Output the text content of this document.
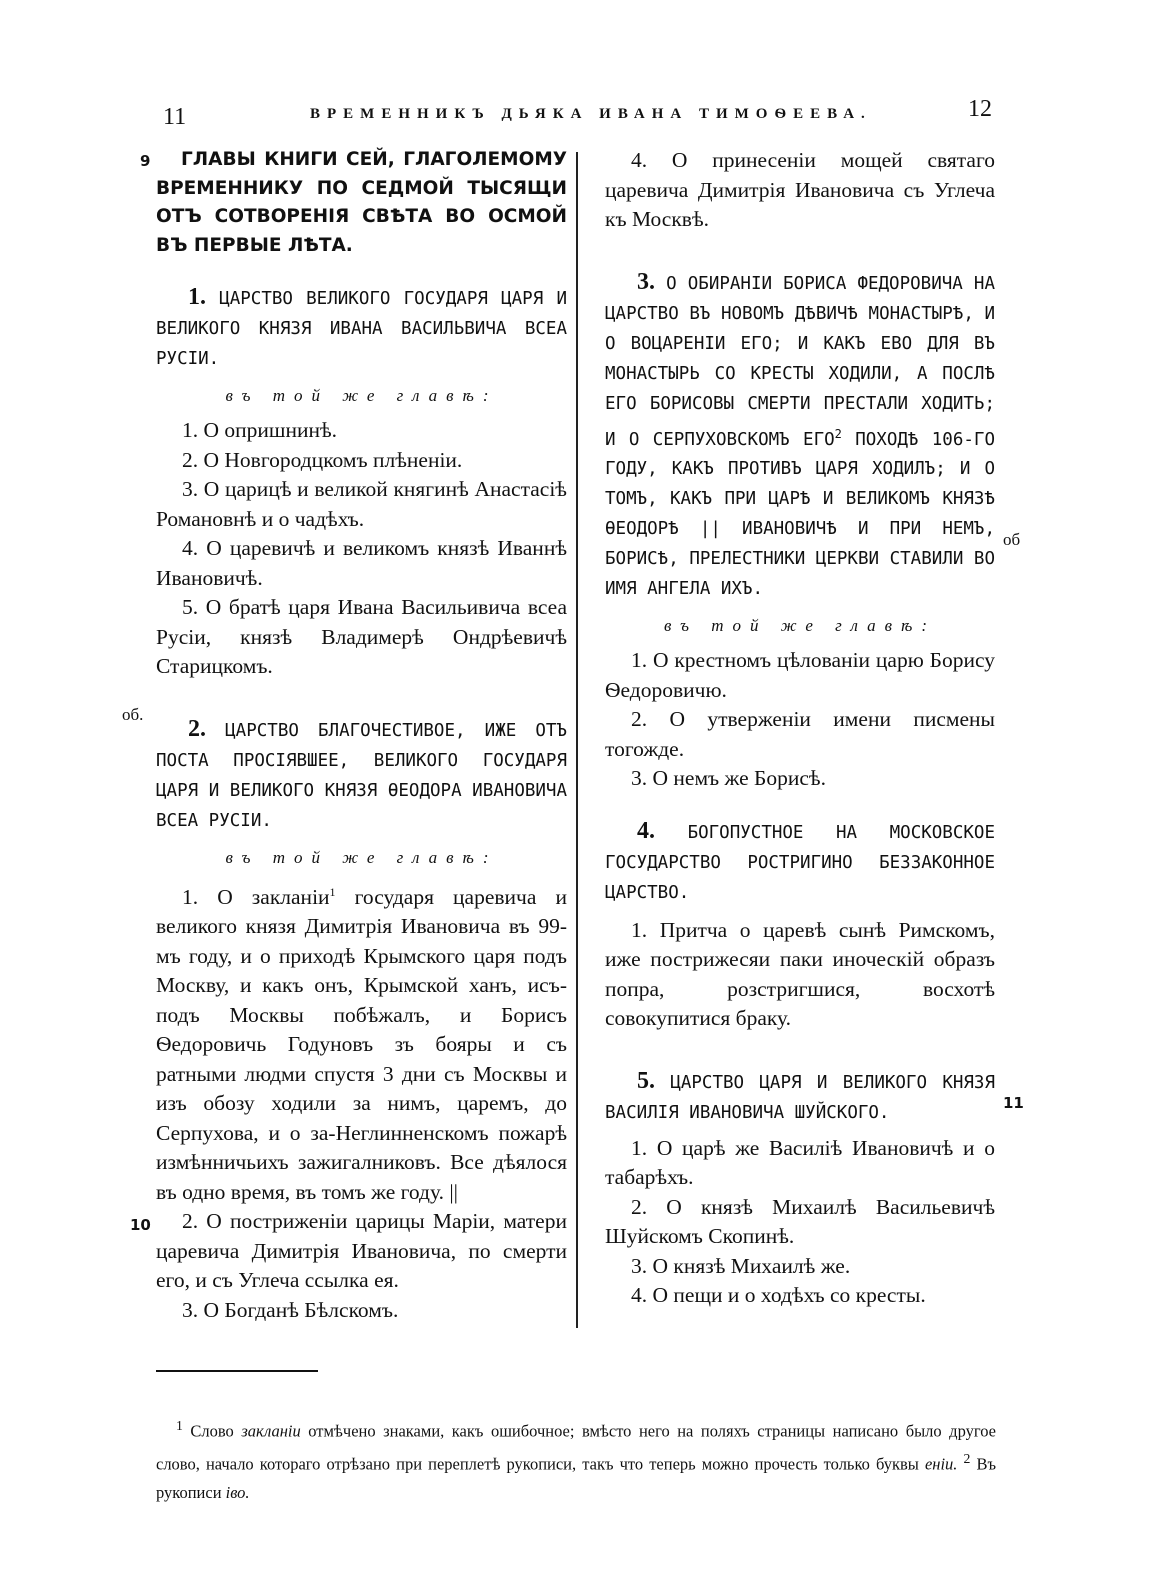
11	ВРЕМЕННИКЪ ДЬЯКА ИВАНА ТИМОѲЕЕВА.	12
9
об.
10
об
11

ГЛАВЫ КНИГИ СЕЙ, ГЛАГОЛЕМОМУ ВРЕМЕННИКУ ПО СЕДМОЙ ТЫСЯЩИ ОТЪ СОТВОРЕНІЯ СВѢТА ВО ОСМОЙ ВЪ ПЕРВЫЕ ЛѢТА.

1. ЦАРСТВО ВЕЛИКОГО ГОСУДАРЯ ЦАРЯ И ВЕЛИКОГО КНЯЗЯ ИВАНА ВАСИЛЬВИЧА ВСЕА РУСІИ.

въ той же главѣ:

1. О опришнинѣ.

2. О Новгородцкомъ плѣненіи.

3. О царицѣ и великой княгинѣ Анастасіѣ Романовнѣ и о чадѣхъ.

4. О царевичѣ и великомъ князѣ Иваннѣ Ивановичѣ.

5. О братѣ царя Ивана Васильивича всеа Русіи, князѣ Владимерѣ Ондрѣевичѣ Старицкомъ.

2. ЦАРСТВО БЛАГОЧЕСТИВОЕ, ИЖЕ ОТЪ ПОСТА ПРОСІЯВШЕЕ, ВЕЛИКОГО ГОСУДАРЯ ЦАРЯ И ВЕЛИКОГО КНЯЗЯ ѲЕОДОРА ИВАНОВИЧА ВСЕА РУСІИ.

въ той же главѣ:

1. О закланіи$^1$ государя царевича и великого князя Димитрія Ивановича въ 99-мъ году, и о приходѣ Крымского царя подъ Москву, и какъ онъ, Крымской ханъ, исъ-подъ Москвы побѣжалъ, и Борисъ Ѳедоровичь Годуновъ зъ бояры и съ ратными людми спустя 3 дни съ Москвы и изъ обозу ходили за нимъ, царемъ, до Серпухова, и о за-Неглинненскомъ пожарѣ измѣнничьихъ зажигалниковъ. Все дѣялося въ одно время, въ томъ же году. ||

2. О постриженіи царицы Маріи, матери царевича Димитрія Ивановича, по смерти его, и съ Углеча ссылка ея.

3. О Богданѣ Бѣлскомъ.

4. О принесеніи мощей святаго царевича Димитрія Ивановича съ Углеча къ Москвѣ.

3. О ОБИРАНІИ БОРИСА ФЕДОРОВИЧА НА ЦАРСТВО ВЪ НОВОМЪ ДѢВИЧѢ МОНАСТЫРѢ, И О ВОЦАРЕНІИ ЕГО; И КАКЪ ЕВО ДЛЯ ВЪ МОНАСТЫРЬ СО КРЕСТЫ ХОДИЛИ, А ПОСЛѢ ЕГО БОРИСОВЫ СМЕРТИ ПРЕСТАЛИ ХОДИТЬ; И О СЕРПУХОВСКОМЪ ЕГО$^2$ ПОХОДѢ 106-ГО ГОДУ, КАКЪ ПРОТИВЪ ЦАРЯ ХОДИЛЪ; И О ТОМЪ, КАКЪ ПРИ ЦАРѢ И ВЕЛИКОМЪ КНЯЗѢ ѲЕОДОРѢ || ИВАНОВИЧѢ И ПРИ НЕМЪ, БОРИСѢ, ПРЕЛЕСТНИКИ ЦЕРКВИ СТАВИЛИ ВО ИМЯ АНГЕЛА ИХЪ.

въ той же главѣ:

1. О крестномъ цѣлованіи царю Борису Ѳедоровичю.

2. О утверженіи имени писмены тогожде.

3. О немъ же Борисѣ.

4. БОГОПУСТНОЕ НА МОСКОВСКОЕ ГОСУДАРСТВО РОСТРИГИНО БЕЗЗАКОННОЕ ЦАРСТВО.

1. Притча о царевѣ сынѣ Римскомъ, иже пострижесяи паки иноческій образъ попра, розстригшися, восхотѣ совокупитися браку.

5. ЦАРСТВО ЦАРЯ И ВЕЛИКОГО КНЯЗЯ ВАСИЛІЯ ИВАНОВИЧА ШУЙСКОГО.

1. О царѣ же Василіѣ Ивановичѣ и о табарѣхъ.

2. О князѣ Михаилѣ Васильевичѣ Шуйскомъ Скопинѣ.

3. О князѣ Михаилѣ же.

4. О пещи и о ходѣхъ со кресты.

$^1$ Слово закланіи отмѣчено знаками, какъ ошибочное; вмѣсто него на поляхъ страницы написано было другое слово, начало котораго отрѣзано при переплетѣ рукописи, такъ что теперь можно прочесть только буквы еніи. $^2$ Въ рукописи іво.
